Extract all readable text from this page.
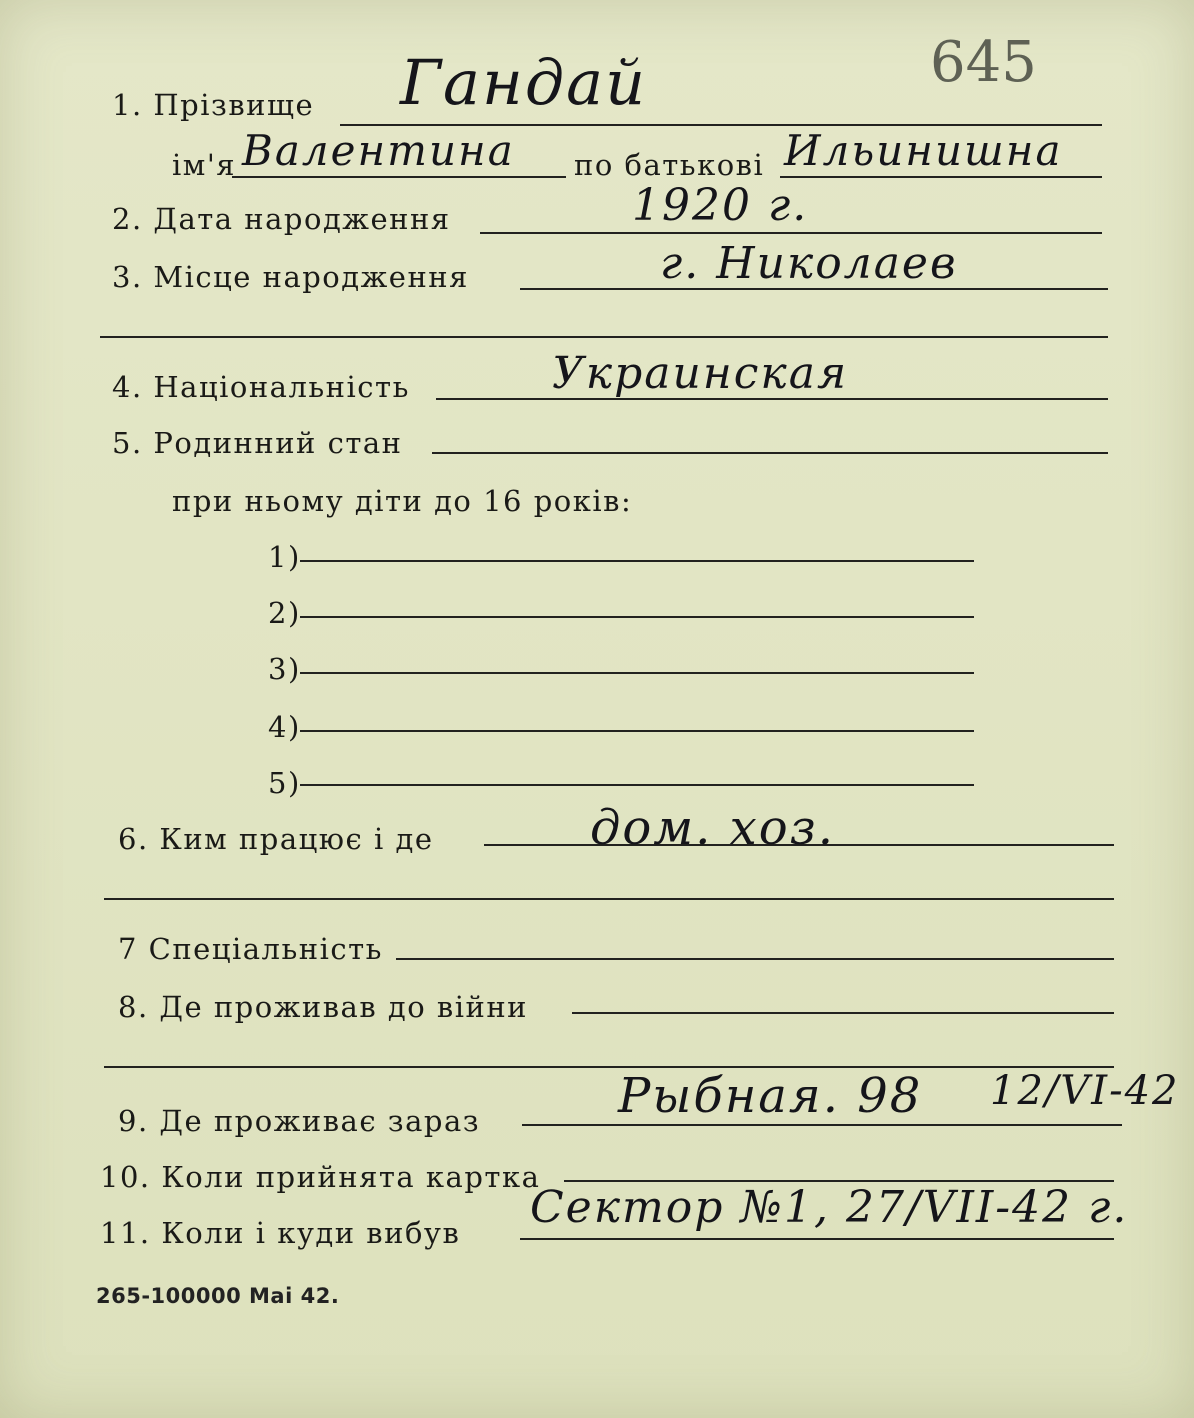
645
1. Прізвище Гандай
ім'я Валентина по батькові Ильинишна
2. Дата народження	1920 г.
3. Місце народження	г. Николаев
4. Національність	Украинская
5. Родинний стан
при ньому діти до 16 років:
1)
2)
3)
4)
5)
6. Ким працює і де	дом. хоз.
7 Спеціальність
8. Де проживав до війни
9. Де проживає зараз	Рыбная. 98 12/VI-42
10. Коли прийнята картка
11. Коли і куди вибув Сектор №1, 27/VII-42 г.
265-100000 Маі 42.
